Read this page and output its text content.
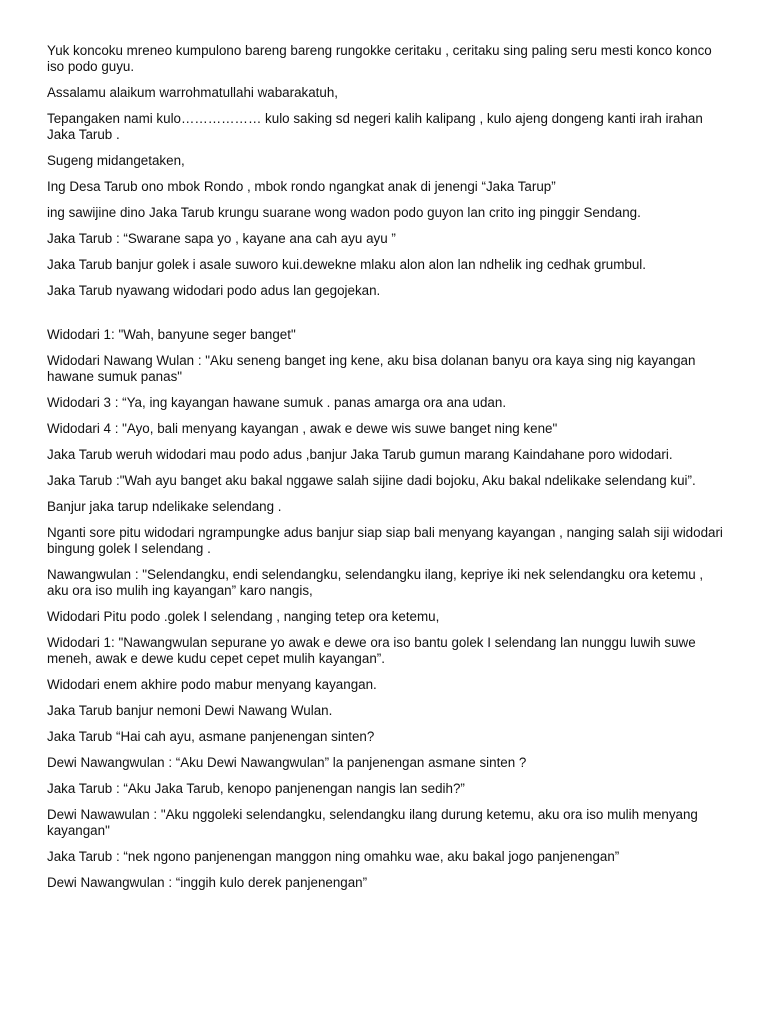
Yuk koncoku mreneo kumpulono bareng bareng rungokke ceritaku , ceritaku sing paling seru mesti konco konco iso podo guyu.

Assalamu alaikum warrohmatullahi wabarakatuh,

Tepangaken nami kulo……………… kulo saking sd negeri kalih kalipang , kulo ajeng dongeng kanti irah irahan Jaka Tarub .

Sugeng midangetaken,

Ing Desa Tarub ono mbok Rondo , mbok rondo ngangkat anak di jenengi “Jaka Tarup”

ing sawijine dino Jaka Tarub krungu suarane wong wadon podo guyon lan crito ing pinggir Sendang.

Jaka Tarub : “Swarane sapa yo , kayane ana cah ayu ayu ”

Jaka Tarub banjur golek i asale suworo kui.dewekne mlaku alon alon lan ndhelik ing cedhak grumbul.

Jaka Tarub nyawang widodari podo adus lan gegojekan.

Widodari 1: "Wah, banyune seger banget"

Widodari Nawang Wulan : "Aku seneng banget ing kene, aku bisa dolanan banyu ora kaya sing nig kayangan hawane sumuk panas"

Widodari 3 : “Ya, ing kayangan hawane sumuk . panas amarga ora ana udan.

Widodari 4 : "Ayo, bali menyang kayangan , awak e dewe wis suwe banget ning kene"

Jaka Tarub weruh widodari mau podo adus ,banjur Jaka Tarub gumun marang Kaindahane poro widodari.

Jaka Tarub :"Wah ayu banget aku bakal nggawe salah sijine dadi bojoku, Aku bakal ndelikake selendang kui”.

Banjur jaka tarup ndelikake selendang .

Nganti sore pitu widodari ngrampungke adus banjur siap siap bali menyang kayangan , nanging salah siji widodari bingung golek I selendang .

Nawangwulan : "Selendangku, endi selendangku, selendangku ilang, kepriye iki nek selendangku ora ketemu , aku ora iso mulih ing kayangan” karo nangis,

Widodari Pitu podo .golek I selendang , nanging tetep ora ketemu,

Widodari 1: "Nawangwulan sepurane yo awak e dewe ora iso bantu golek I selendang lan nunggu luwih suwe meneh, awak e dewe kudu cepet cepet mulih kayangan”.

Widodari enem akhire podo mabur menyang kayangan.

Jaka Tarub banjur nemoni Dewi Nawang Wulan.

Jaka Tarub “Hai cah ayu, asmane panjenengan sinten?

Dewi Nawangwulan : “Aku Dewi Nawangwulan” la panjenengan asmane sinten ?

Jaka Tarub : “Aku Jaka Tarub, kenopo panjenengan nangis lan sedih?”

Dewi Nawawulan : "Aku nggoleki selendangku, selendangku ilang durung ketemu, aku ora iso mulih menyang kayangan"

Jaka Tarub : “nek ngono panjenengan manggon ning omahku wae, aku bakal jogo panjenengan”

Dewi Nawangwulan : “inggih kulo derek panjenengan”
